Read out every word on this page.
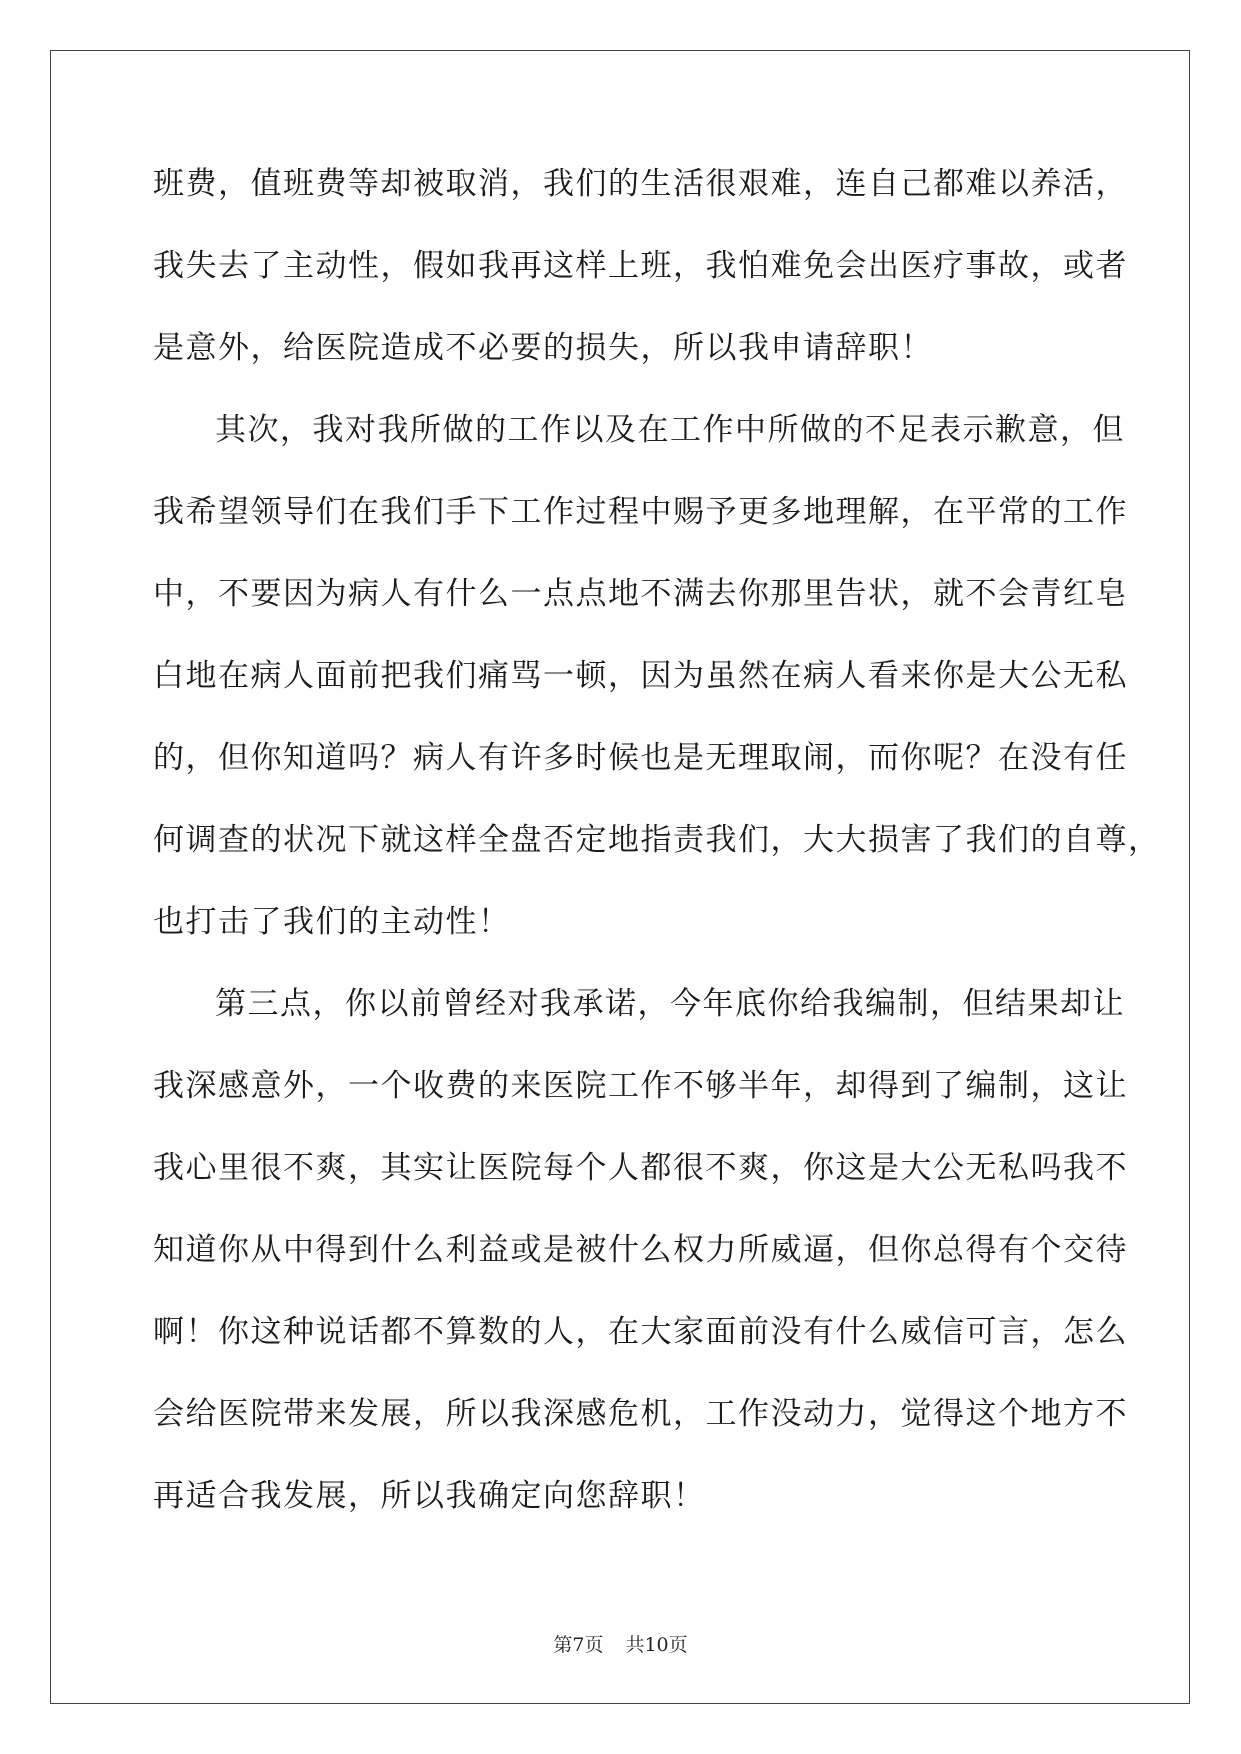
班费，值班费等却被取消，我们的生活很艰难，连自己都难以养活，
我失去了主动性，假如我再这样上班，我怕难免会出医疗事故，或者
是意外，给医院造成不必要的损失，所以我申请辞职！
其次，我对我所做的工作以及在工作中所做的不足表示歉意，但
我希望领导们在我们手下工作过程中赐予更多地理解，在平常的工作
中，不要因为病人有什么一点点地不满去你那里告状，就不会青红皂
白地在病人面前把我们痛骂一顿，因为虽然在病人看来你是大公无私
的，但你知道吗？病人有许多时候也是无理取闹，而你呢？在没有任
何调查的状况下就这样全盘否定地指责我们，大大损害了我们的自尊，
也打击了我们的主动性！
第三点，你以前曾经对我承诺，今年底你给我编制，但结果却让
我深感意外，一个收费的来医院工作不够半年，却得到了编制，这让
我心里很不爽，其实让医院每个人都很不爽，你这是大公无私吗我不
知道你从中得到什么利益或是被什么权力所威逼，但你总得有个交待
啊！你这种说话都不算数的人，在大家面前没有什么威信可言，怎么
会给医院带来发展，所以我深感危机，工作没动力，觉得这个地方不
再适合我发展，所以我确定向您辞职！
第7页 共10页
